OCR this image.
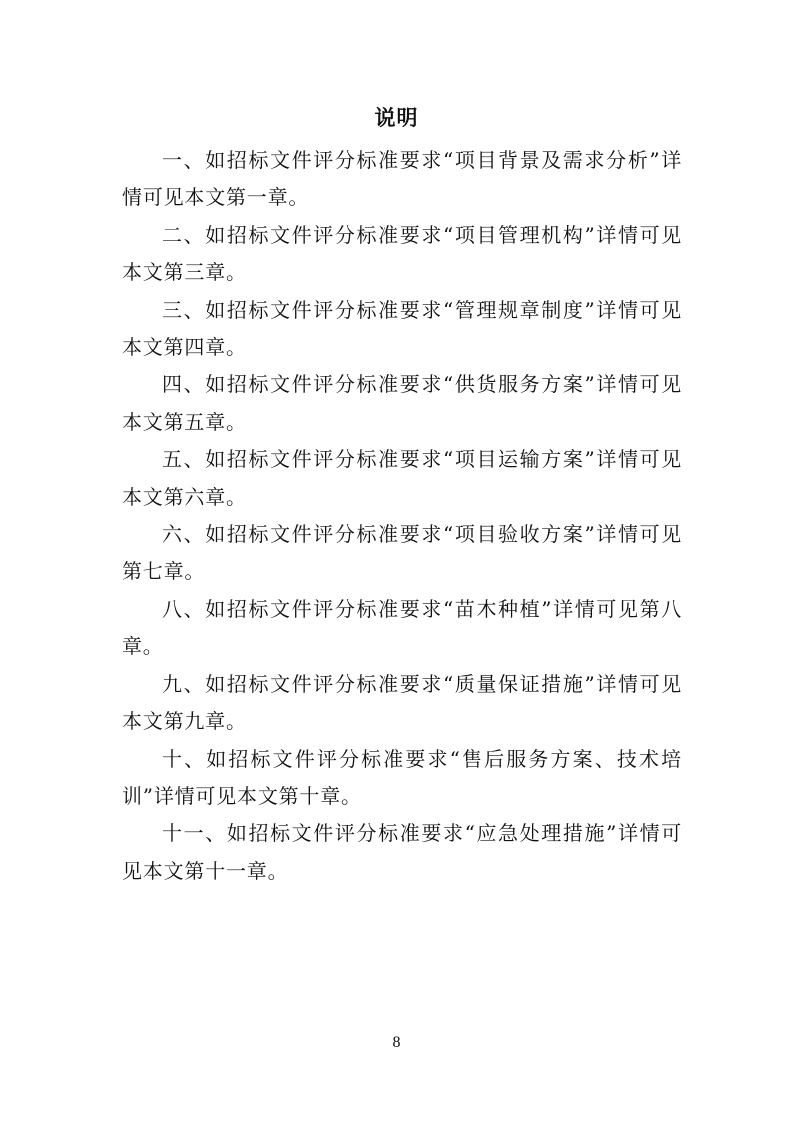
说明

一、如招标文件评分标准要求“项目背景及需求分析”详情可见本文第一章。

二、如招标文件评分标准要求“项目管理机构”详情可见本文第三章。

三、如招标文件评分标准要求“管理规章制度”详情可见本文第四章。

四、如招标文件评分标准要求“供货服务方案”详情可见本文第五章。

五、如招标文件评分标准要求“项目运输方案”详情可见本文第六章。

六、如招标文件评分标准要求“项目验收方案”详情可见第七章。

八、如招标文件评分标准要求“苗木种植”详情可见第八章。

九、如招标文件评分标准要求“质量保证措施”详情可见本文第九章。

十、如招标文件评分标准要求“售后服务方案、技术培训”详情可见本文第十章。

十一、如招标文件评分标准要求“应急处理措施”详情可见本文第十一章。

8
